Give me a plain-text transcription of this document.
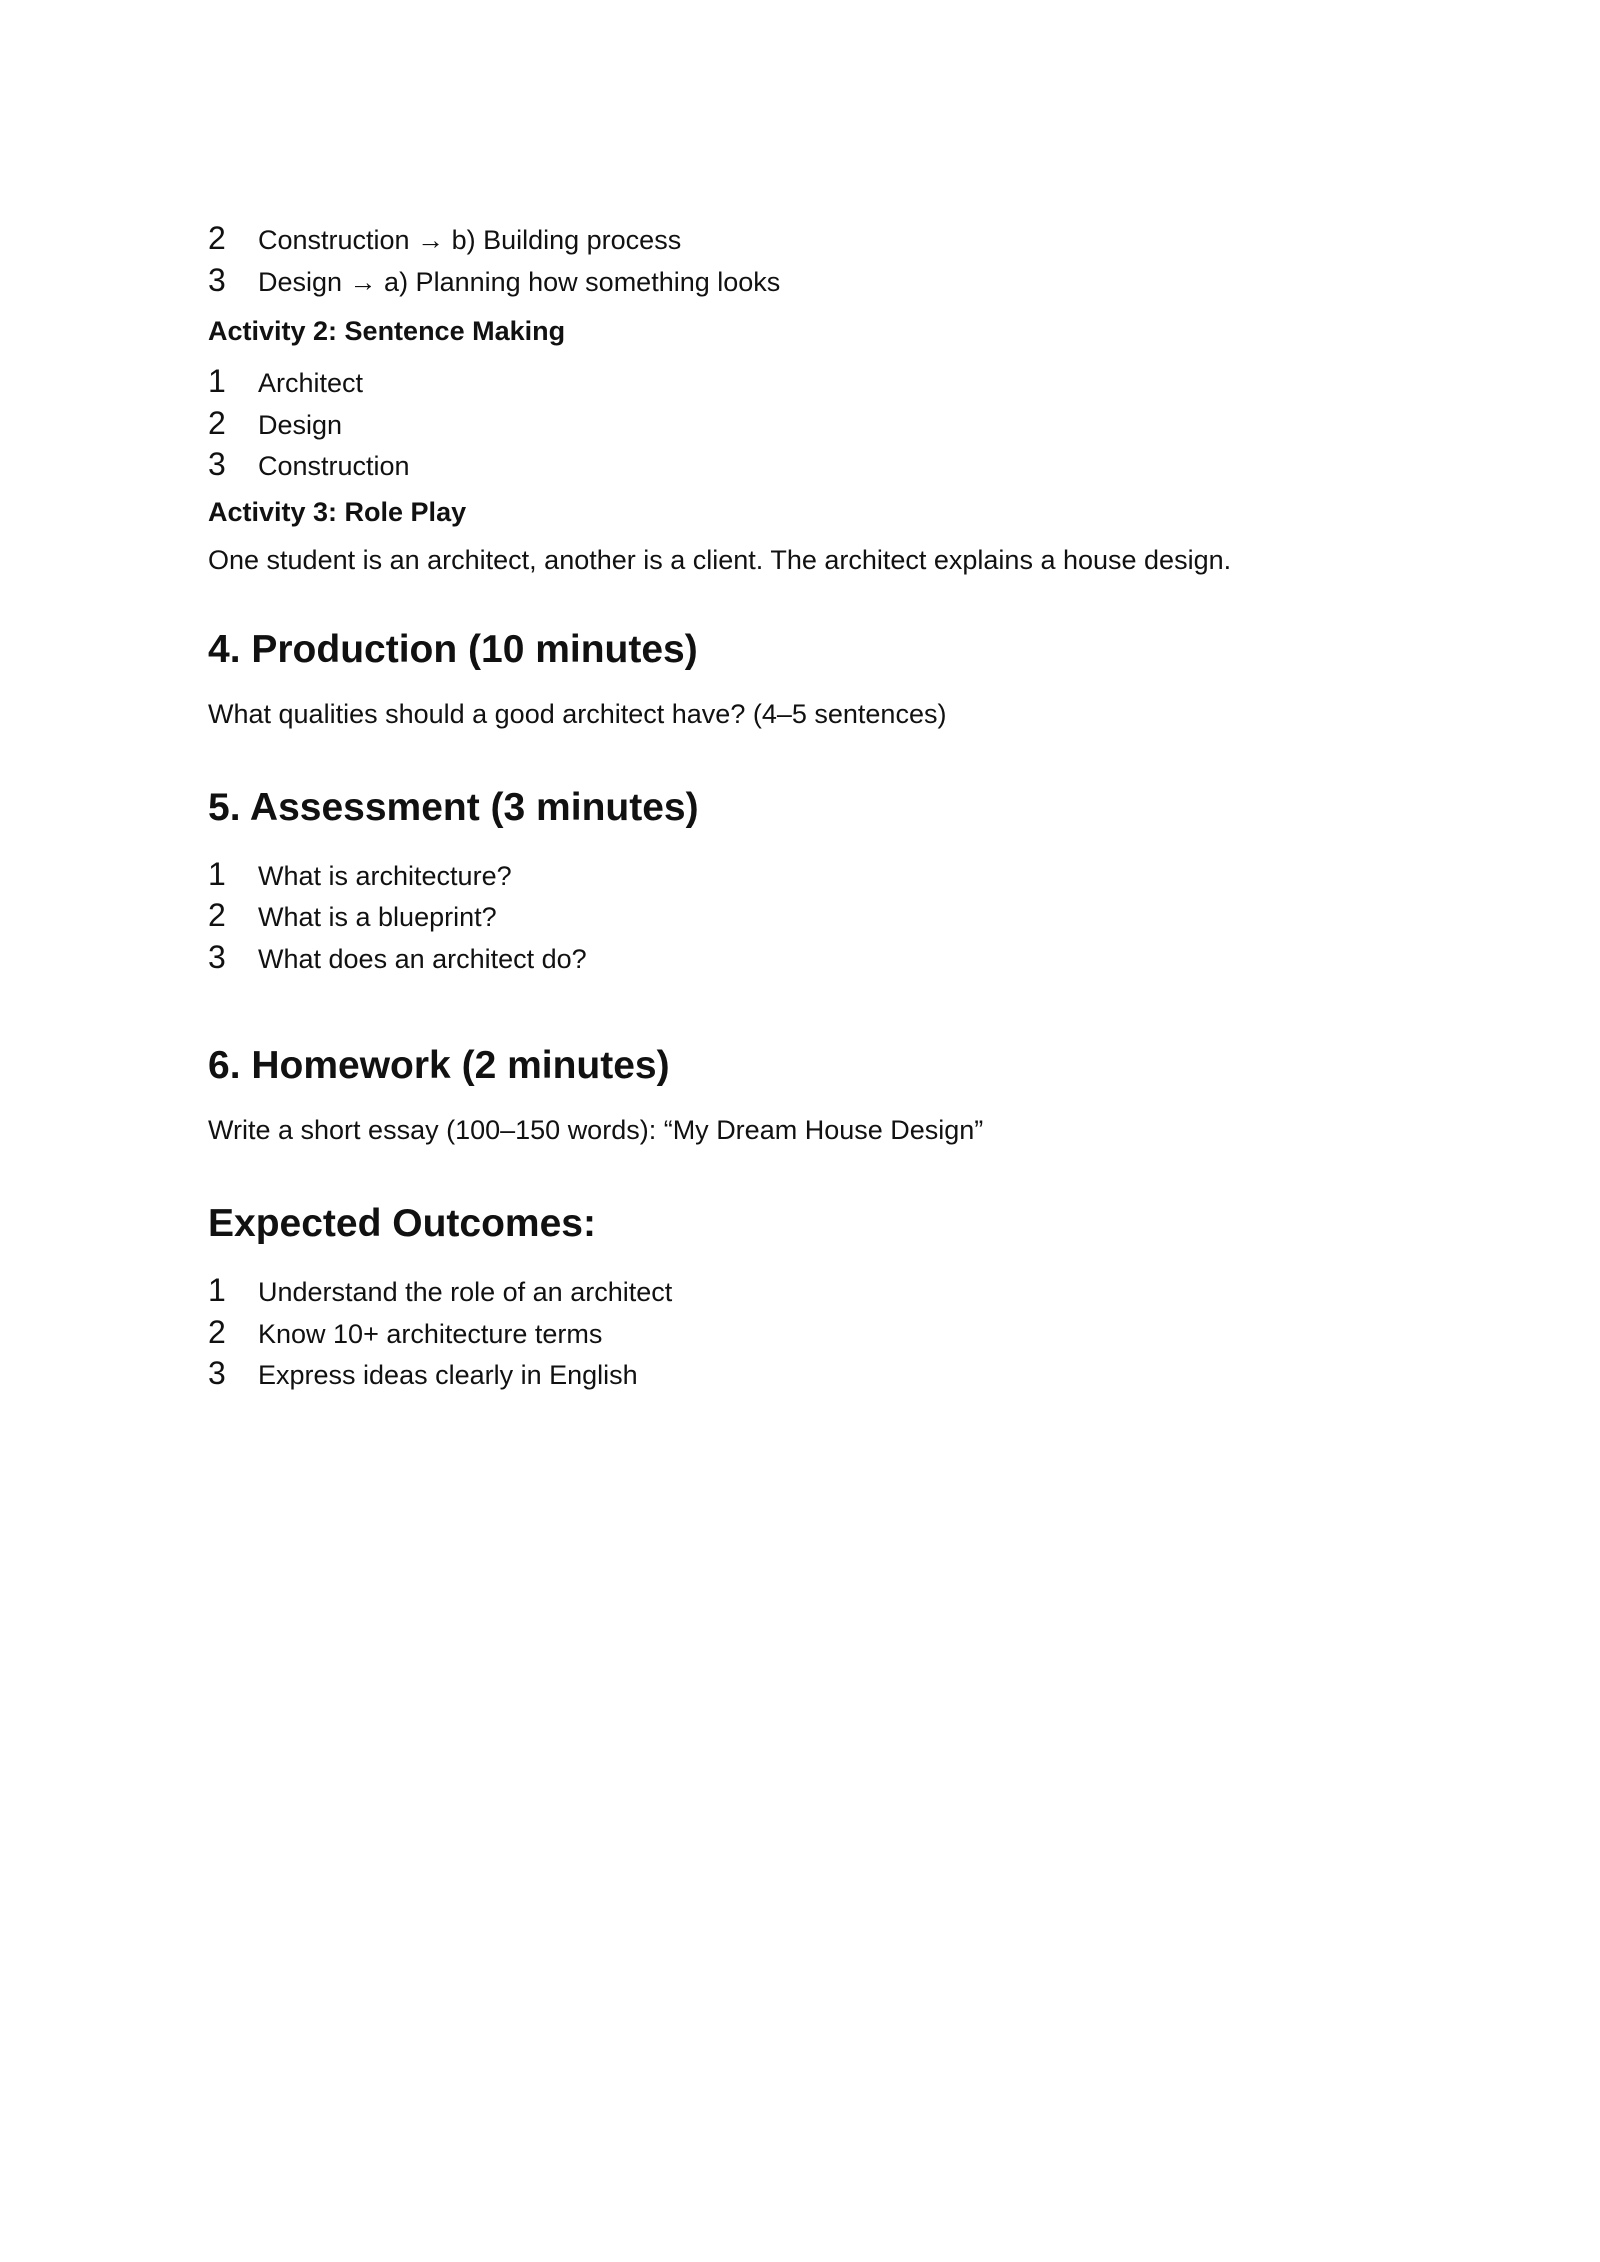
2 Construction → b) Building process
3 Design → a) Planning how something looks
Activity 2: Sentence Making
1 Architect
2 Design
3 Construction
Activity 3: Role Play

One student is an architect, another is a client. The architect explains a house design.

4. Production (10 minutes)

What qualities should a good architect have? (4–5 sentences)

5. Assessment (3 minutes)
1 What is architecture?
2 What is a blueprint?
3 What does an architect do?
6. Homework (2 minutes)

Write a short essay (100–150 words): “My Dream House Design”

Expected Outcomes:
1 Understand the role of an architect
2 Know 10+ architecture terms
3 Express ideas clearly in English
